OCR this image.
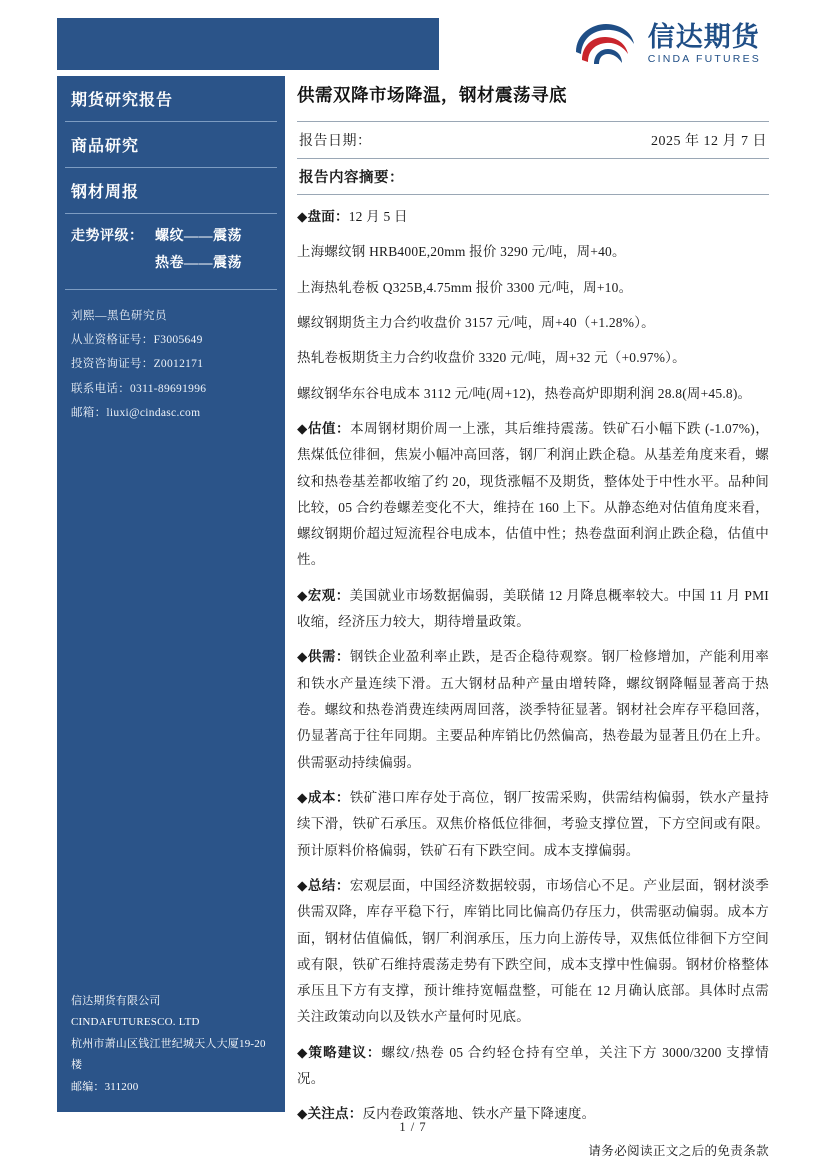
信达期货
CINDA FUTURES
期货研究报告
商品研究
钢材周报
走势评级： 螺纹—— 震荡
热卷—— 震荡
刘熙—黑色研究员
从业资格证号：F3005649
投资咨询证号：Z0012171
联系电话：0311-89691996
邮箱：liuxi@cindasc.com
信达期货有限公司
CINDAFUTURESCO. LTD
杭州市萧山区钱江世纪城天人大厦19-20楼
邮编：311200
供需双降市场降温，钢材震荡寻底
报告日期：	2025 年 12 月 7 日
报告内容摘要：

◆盘面：12 月 5 日

上海螺纹钢 HRB400E,20mm 报价 3290 元/吨，周+40。

上海热轧卷板 Q325B,4.75mm 报价 3300 元/吨，周+10。

螺纹钢期货主力合约收盘价 3157 元/吨，周+40（+1.28%）。

热轧卷板期货主力合约收盘价 3320 元/吨，周+32 元（+0.97%）。

螺纹钢华东谷电成本 3112 元/吨(周+12)，热卷高炉即期利润 28.8(周+45.8)。

◆估值：本周钢材期价周一上涨，其后维持震荡。铁矿石小幅下跌 (-1.07%)，焦煤低位徘徊，焦炭小幅冲高回落，钢厂利润止跌企稳。从基差角度来看，螺纹和热卷基差都收缩了约 20，现货涨幅不及期货，整体处于中性水平。品种间比较，05 合约卷螺差变化不大，维持在 160 上下。从静态绝对估值角度来看，螺纹钢期价超过短流程谷电成本，估值中性；热卷盘面利润止跌企稳，估值中性。

◆宏观：美国就业市场数据偏弱，美联储 12 月降息概率较大。中国 11 月 PMI 收缩，经济压力较大，期待增量政策。

◆供需：钢铁企业盈利率止跌，是否企稳待观察。钢厂检修增加，产能利用率和铁水产量连续下滑。五大钢材品种产量由增转降，螺纹钢降幅显著高于热卷。螺纹和热卷消费连续两周回落，淡季特征显著。钢材社会库存平稳回落，仍显著高于往年同期。主要品种库销比仍然偏高，热卷最为显著且仍在上升。供需驱动持续偏弱。

◆成本：铁矿港口库存处于高位，钢厂按需采购，供需结构偏弱，铁水产量持续下滑，铁矿石承压。双焦价格低位徘徊，考验支撑位置，下方空间或有限。预计原料价格偏弱，铁矿石有下跌空间。成本支撑偏弱。

◆总结：宏观层面，中国经济数据较弱，市场信心不足。产业层面，钢材淡季供需双降，库存平稳下行，库销比同比偏高仍存压力，供需驱动偏弱。成本方面，钢材估值偏低，钢厂利润承压，压力向上游传导，双焦低位徘徊下方空间或有限，铁矿石维持震荡走势有下跌空间，成本支撑中性偏弱。钢材价格整体承压且下方有支撑，预计维持宽幅盘整，可能在 12 月确认底部。具体时点需关注政策动向以及铁水产量何时见底。

◆策略建议：螺纹/热卷 05 合约轻仓持有空单，关注下方 3000/3200 支撑情况。

◆关注点：反内卷政策落地、铁水产量下降速度。

1 / 7
请务必阅读正文之后的免责条款
